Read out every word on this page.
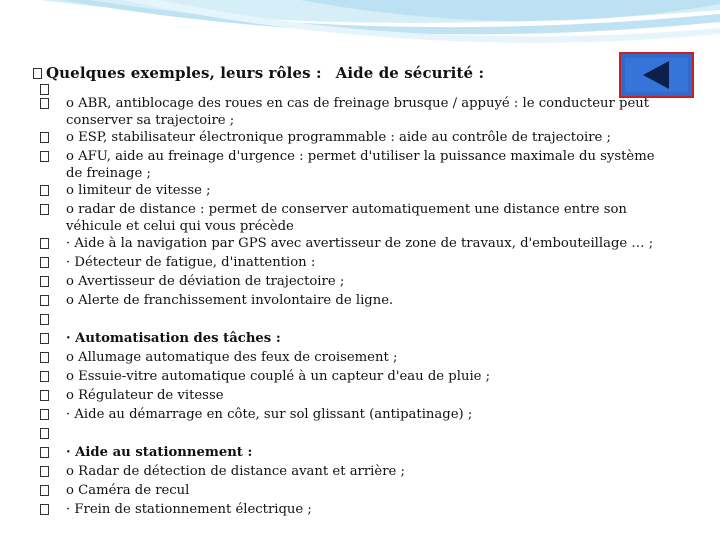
Quelques exemples, leurs rôles : Aide de sécurité :
o ABR, antiblocage des roues en cas de freinage brusque / appuyé : le conducteur peut
conserver sa trajectoire ;
o ESP, stabilisateur électronique programmable : aide au contrôle de trajectoire ;
o AFU, aide au freinage d'urgence : permet d'utiliser la puissance maximale du système
de freinage ;
o limiteur de vitesse ;
o radar de distance : permet de conserver automatiquement une distance entre son
véhicule et celui qui vous précède
· Aide à la navigation par GPS avec avertisseur de zone de travaux, d'embouteillage … ;
· Détecteur de fatigue, d'inattention :
o Avertisseur de déviation de trajectoire ;
o Alerte de franchissement involontaire de ligne.
· Automatisation des tâches :
o Allumage automatique des feux de croisement ;
o Essuie-vitre automatique couplé à un capteur d'eau de pluie ;
o Régulateur de vitesse
· Aide au démarrage en côte, sur sol glissant (antipatinage) ;
· Aide au stationnement :
o Radar de détection de distance avant et arrière ;
o Caméra de recul
· Frein de stationnement électrique ;
